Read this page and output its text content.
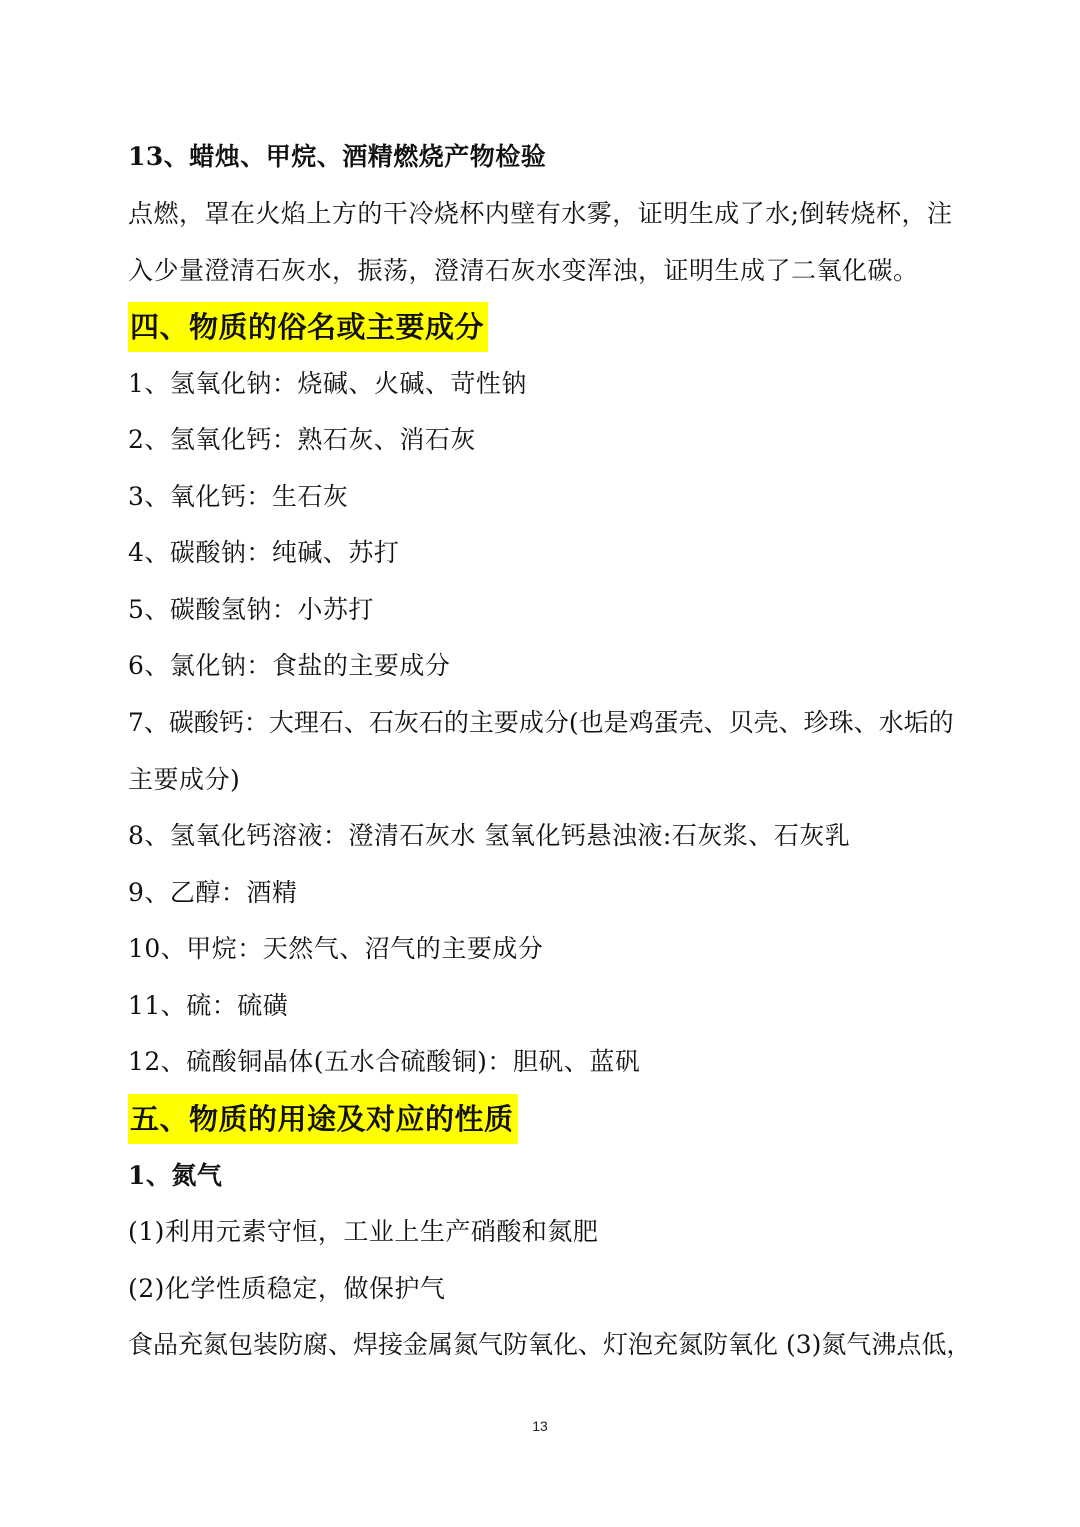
13、蜡烛、甲烷、酒精燃烧产物检验
点燃，罩在火焰上方的干冷烧杯内壁有水雾，证明生成了水;倒转烧杯，注
入少量澄清石灰水，振荡，澄清石灰水变浑浊，证明生成了二氧化碳。
四、物质的俗名或主要成分
1、氢氧化钠：烧碱、火碱、苛性钠
2、氢氧化钙：熟石灰、消石灰
3、氧化钙：生石灰
4、碳酸钠：纯碱、苏打
5、碳酸氢钠：小苏打
6、氯化钠：食盐的主要成分
7、碳酸钙：大理石、石灰石的主要成分(也是鸡蛋壳、贝壳、珍珠、水垢的
主要成分)
8、氢氧化钙溶液：澄清石灰水 氢氧化钙悬浊液:石灰浆、石灰乳
9、乙醇：酒精
10、甲烷：天然气、沼气的主要成分
11、硫：硫磺
12、硫酸铜晶体(五水合硫酸铜)：胆矾、蓝矾
五、物质的用途及对应的性质
1、氮气
(1)利用元素守恒，工业上生产硝酸和氮肥
(2)化学性质稳定，做保护气
食品充氮包装防腐、焊接金属氮气防氧化、灯泡充氮防氧化 (3)氮气沸点低，
13
